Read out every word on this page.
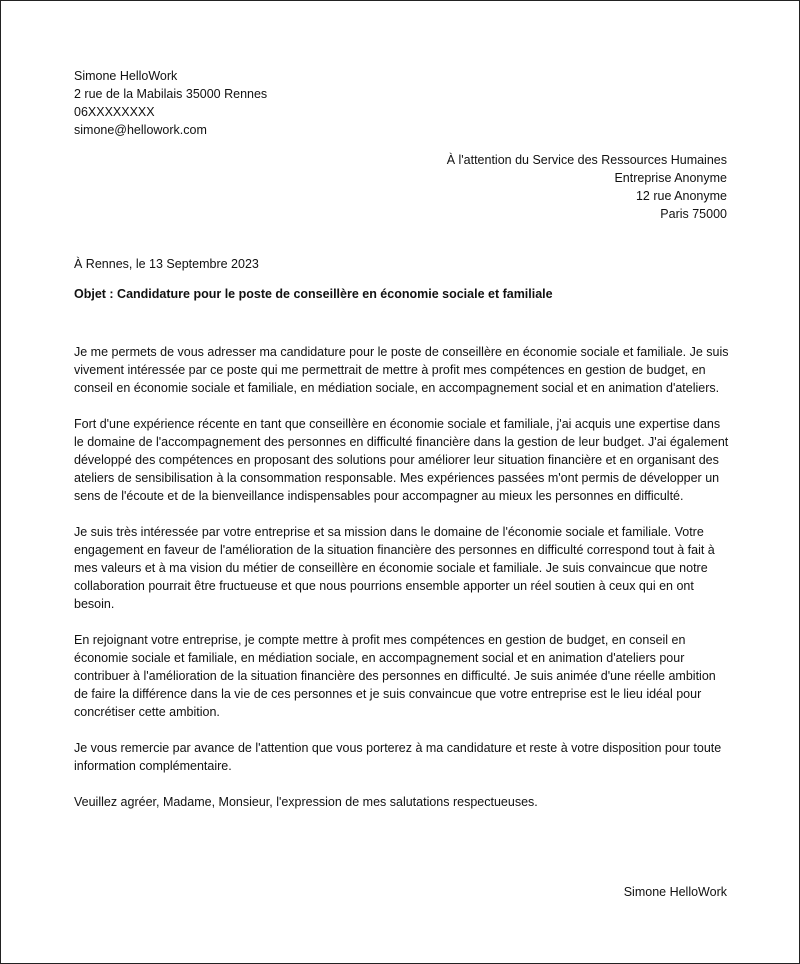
Simone HelloWork
2 rue de la Mabilais 35000 Rennes
06XXXXXXXX
simone@hellowork.com
À l'attention du Service des Ressources Humaines
Entreprise Anonyme
12 rue Anonyme
Paris 75000
À Rennes, le 13 Septembre 2023
Objet : Candidature pour le poste de conseillère en économie sociale et familiale

Je me permets de vous adresser ma candidature pour le poste de conseillère en économie sociale et familiale. Je suis vivement intéressée par ce poste qui me permettrait de mettre à profit mes compétences en gestion de budget, en conseil en économie sociale et familiale, en médiation sociale, en accompagnement social et en animation d'ateliers.

Fort d'une expérience récente en tant que conseillère en économie sociale et familiale, j'ai acquis une expertise dans le domaine de l'accompagnement des personnes en difficulté financière dans la gestion de leur budget. J'ai également développé des compétences en proposant des solutions pour améliorer leur situation financière et en organisant des ateliers de sensibilisation à la consommation responsable. Mes expériences passées m'ont permis de développer un sens de l'écoute et de la bienveillance indispensables pour accompagner au mieux les personnes en difficulté.

Je suis très intéressée par votre entreprise et sa mission dans le domaine de l'économie sociale et familiale. Votre engagement en faveur de l'amélioration de la situation financière des personnes en difficulté correspond tout à fait à mes valeurs et à ma vision du métier de conseillère en économie sociale et familiale. Je suis convaincue que notre collaboration pourrait être fructueuse et que nous pourrions ensemble apporter un réel soutien à ceux qui en ont besoin.

En rejoignant votre entreprise, je compte mettre à profit mes compétences en gestion de budget, en conseil en économie sociale et familiale, en médiation sociale, en accompagnement social et en animation d'ateliers pour contribuer à l'amélioration de la situation financière des personnes en difficulté. Je suis animée d'une réelle ambition de faire la différence dans la vie de ces personnes et je suis convaincue que votre entreprise est le lieu idéal pour concrétiser cette ambition.

Je vous remercie par avance de l'attention que vous porterez à ma candidature et reste à votre disposition pour toute information complémentaire.

Veuillez agréer, Madame, Monsieur, l'expression de mes salutations respectueuses.

Simone HelloWork
